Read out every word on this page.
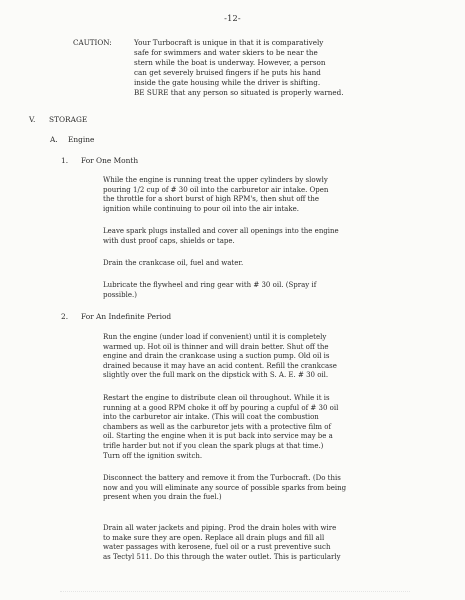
-12-
CAUTION:	Your Turbocraft is unique in that it is comparatively
safe for swimmers and water skiers to be near the
stern while the boat is underway. However, a person
can get severely bruised fingers if he puts his hand
inside the gate housing while the driver is shifting.
BE SURE that any person so situated is properly warned.
V. STORAGE
A. Engine
1. For One Month
While the engine is running treat the upper cylinders by slowly
pouring 1/2 cup of # 30 oil into the carburetor air intake. Open
the throttle for a short burst of high RPM's, then shut off the
ignition while continuing to pour oil into the air intake.
Leave spark plugs installed and cover all openings into the engine
with dust proof caps, shields or tape.
Drain the crankcase oil, fuel and water.
Lubricate the flywheel and ring gear with # 30 oil. (Spray if
possible.)
2. For An Indefinite Period
Run the engine (under load if convenient) until it is completely
warmed up. Hot oil is thinner and will drain better. Shut off the
engine and drain the crankcase using a suction pump. Old oil is
drained because it may have an acid content. Refill the crankcase
slightly over the full mark on the dipstick with S. A. E. # 30 oil.
Restart the engine to distribute clean oil throughout. While it is
running at a good RPM choke it off by pouring a cupful of # 30 oil
into the carburetor air intake. (This will coat the combustion
chambers as well as the carburetor jets with a protective film of
oil. Starting the engine when it is put back into service may be a
trifle harder but not if you clean the spark plugs at that time.)
Turn off the ignition switch.
Disconnect the battery and remove it from the Turbocraft. (Do this
now and you will eliminate any source of possible sparks from being
present when you drain the fuel.)
Drain all water jackets and piping. Prod the drain holes with wire
to make sure they are open. Replace all drain plugs and fill all
water passages with kerosene, fuel oil or a rust preventive such
as Tectyl 511. Do this through the water outlet. This is particularly
